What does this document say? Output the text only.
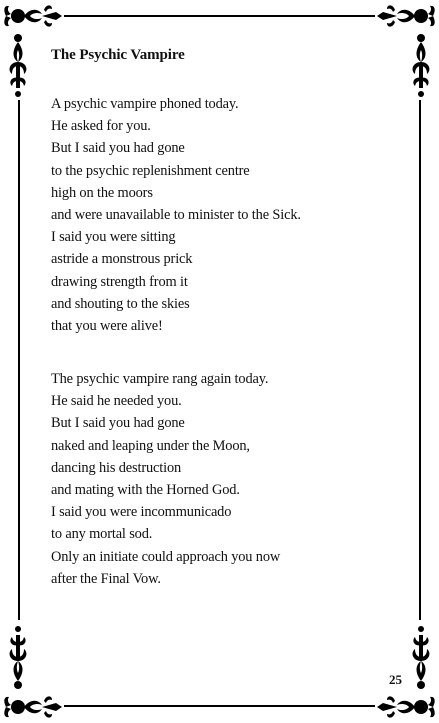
The Psychic Vampire
A psychic vampire phoned today.
He asked for you.
But I said you had gone
to the psychic replenishment centre
high on the moors
and were unavailable to minister to the Sick.
I said you were sitting
astride a monstrous prick
drawing strength from it
and shouting to the skies
that you were alive!
The psychic vampire rang again today.
He said he needed you.
But I said you had gone
naked and leaping under the Moon,
dancing his destruction
and mating with the Horned God.
I said you were incommunicado
to any mortal sod.
Only an initiate could approach you now
after the Final Vow.
25
